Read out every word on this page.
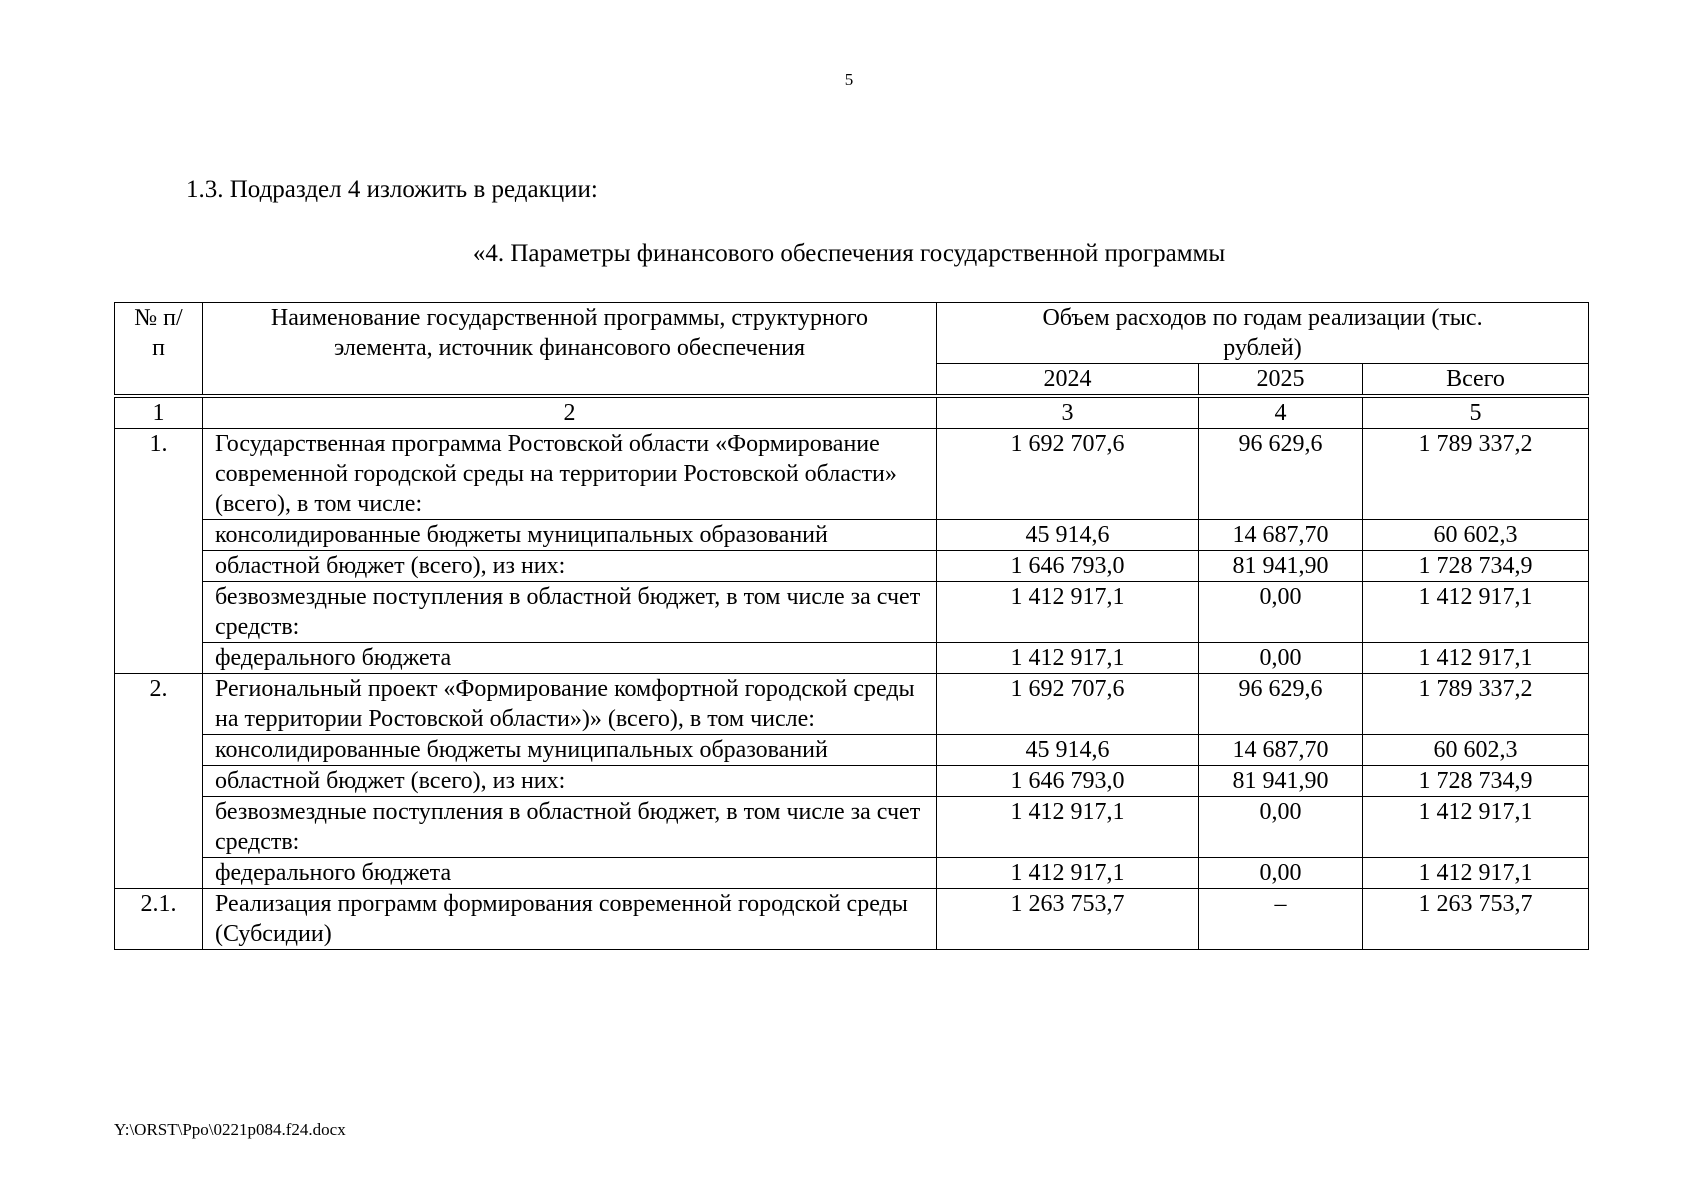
5
1.3. Подраздел 4 изложить в редакции:
«4. Параметры финансового обеспечения государственной программы
№ п/п	Наименование государственной программы, структурного элемента, источник финансового обеспечения	Объем расходов по годам реализации (тыс. рублей)		
		2024	2025	Всего
1	2	3	4	5
1.	Государственная программа Ростовской области «Формирование современной городской среды на территории Ростовской области» (всего), в том числе:	1 692 707,6	96 629,6	1 789 337,2
	консолидированные бюджеты муниципальных образований	45 914,6	14 687,70	60 602,3
	областной бюджет (всего), из них:	1 646 793,0	81 941,90	1 728 734,9
	безвозмездные поступления в областной бюджет, в том числе за счет средств:	1 412 917,1	0,00	1 412 917,1
	федерального бюджета	1 412 917,1	0,00	1 412 917,1
2.	Региональный проект «Формирование комфортной городской среды на территории Ростовской области»)» (всего), в том числе:	1 692 707,6	96 629,6	1 789 337,2
	консолидированные бюджеты муниципальных образований	45 914,6	14 687,70	60 602,3
	областной бюджет (всего), из них:	1 646 793,0	81 941,90	1 728 734,9
	безвозмездные поступления в областной бюджет, в том числе за счет средств:	1 412 917,1	0,00	1 412 917,1
	федерального бюджета	1 412 917,1	0,00	1 412 917,1
2.1.	Реализация программ формирования современной городской среды (Субсидии)	1 263 753,7	–	1 263 753,7
Y:\ORST\Ppo\0221p084.f24.docx
